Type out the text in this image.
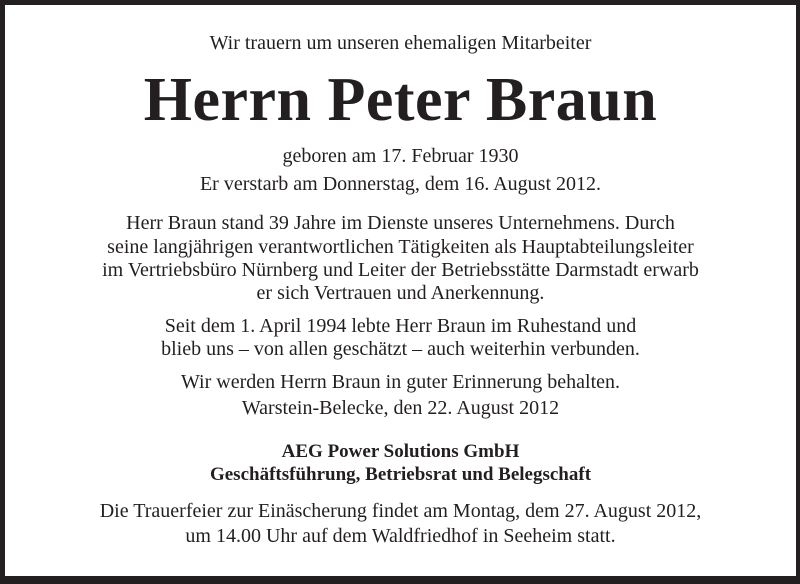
Wir trauern um unseren ehemaligen Mitarbeiter
Herrn Peter Braun
geboren am 17. Februar 1930
Er verstarb am Donnerstag, dem 16. August 2012.
Herr Braun stand 39 Jahre im Dienste unseres Unternehmens. Durch
seine langjährigen verantwortlichen Tätigkeiten als Hauptabteilungsleiter
im Vertriebsbüro Nürnberg und Leiter der Betriebsstätte Darmstadt erwarb
er sich Vertrauen und Anerkennung.
Seit dem 1. April 1994 lebte Herr Braun im Ruhestand und
blieb uns – von allen geschätzt – auch weiterhin verbunden.
Wir werden Herrn Braun in guter Erinnerung behalten.
Warstein-Belecke, den 22. August 2012
AEG Power Solutions GmbH
Geschäftsführung, Betriebsrat und Belegschaft
Die Trauerfeier zur Einäscherung findet am Montag, dem 27. August 2012,
um 14.00 Uhr auf dem Waldfriedhof in Seeheim statt.
